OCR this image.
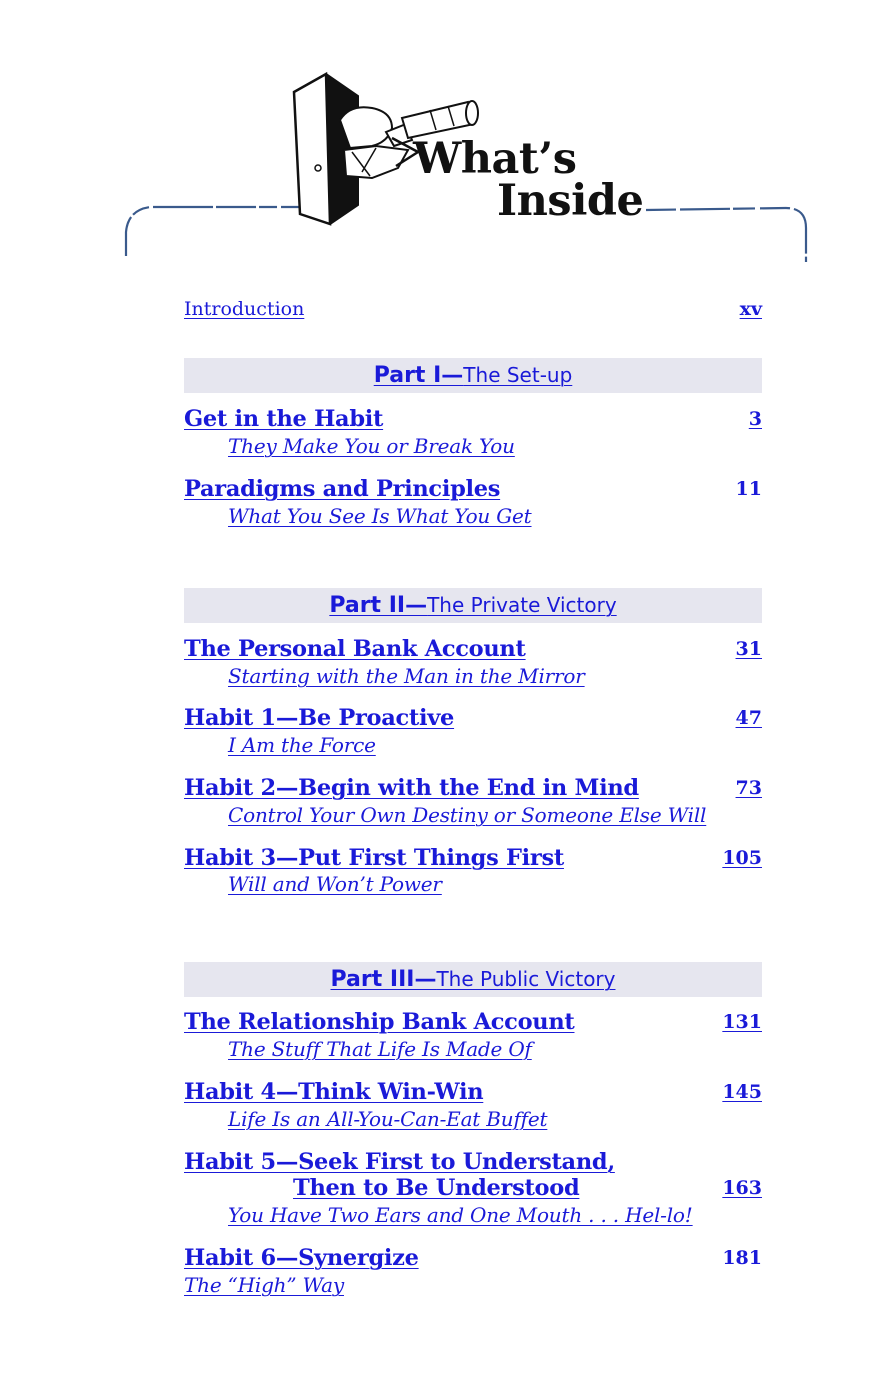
What’s
Inside
Introduction	xv
Part I—The Set-up
Get in the Habit	3
They Make You or Break You
Paradigms and Principles	11
What You See Is What You Get
Part II—The Private Victory
The Personal Bank Account	31
Starting with the Man in the Mirror
Habit 1—Be Proactive	47
I Am the Force
Habit 2—Begin with the End in Mind	73
Control Your Own Destiny or Someone Else Will
Habit 3—Put First Things First	105
Will and Won’t Power
Part III—The Public Victory
The Relationship Bank Account	131
The Stuff That Life Is Made Of
Habit 4—Think Win-Win	145
Life Is an All-You-Can-Eat Buffet
Habit 5—Seek First to Understand,
Then to Be Understood	163
You Have Two Ears and One Mouth . . . Hel-lo!
Habit 6—Synergize	181
The “High” Way
